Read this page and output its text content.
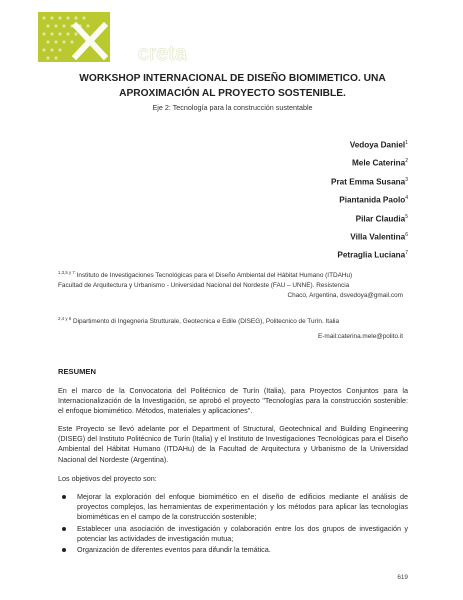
creta
WORKSHOP INTERNACIONAL DE DISEÑO BIOMIMETICO. UNA APROXIMACIÓN AL PROYECTO SOSTENIBLE.
Eje 2: Tecnología para la construcción sustentable
Vedoya Daniel$^1$
Mele Caterina$^2$
Prat Emma Susana$^3$
Piantanida Paolo$^4$
Pilar Claudia$^5$
Villa Valentina$^6$
Petraglia Luciana$^7$
$^{1,3,5 y 7}$ Instituto de Investigaciones Tecnológicas para el Diseño Ambiental del Hábitat Humano (ITDAHu)
Facultad de Arquitectura y Urbanismo - Universidad Nacional del Nordeste (FAU – UNNE). Resistencia
Chaco, Argentina, dsvedoya@gmail.com
$^{2,4 y 6}$ Dipartimento di Ingegneria Strutturale, Geotecnica e Edile (DISEG), Politecnico de Turín. Italia
E-mail:caterina.mele@polito.it
RESUMEN
En el marco de la Convocatoria del Politécnico de Turín (Italia), para Proyectos Conjuntos para la Internacionalización de la Investigación, se aprobó el proyecto "Tecnologías para la construcción sostenible: el enfoque biomimético. Métodos, materiales y aplicaciones".
Este Proyecto se llevó adelante por el Department of Structural, Geotechnical and Building Engineering (DISEG) del Instituto Politécnico de Turín (Italia) y el Instituto de Investigaciones Tecnológicas para el Diseño Ambiental del Hábitat Humano (ITDAHu) de la Facultad de Arquitectura y Urbanismo de la Universidad Nacional del Nordeste (Argentina).
Los objetivos del proyecto son:
Mejorar la exploración del enfoque biomimético en el diseño de edificios mediante el análisis de proyectos complejos, las herramientas de experimentación y los métodos para aplicar las tecnologías biomiméticas en el campo de la construcción sostenible;
Establecer una asociación de investigación y colaboración entre los dos grupos de investigación y potenciar las actividades de investigación mutua;
Organización de diferentes eventos para difundir la temática.
619
